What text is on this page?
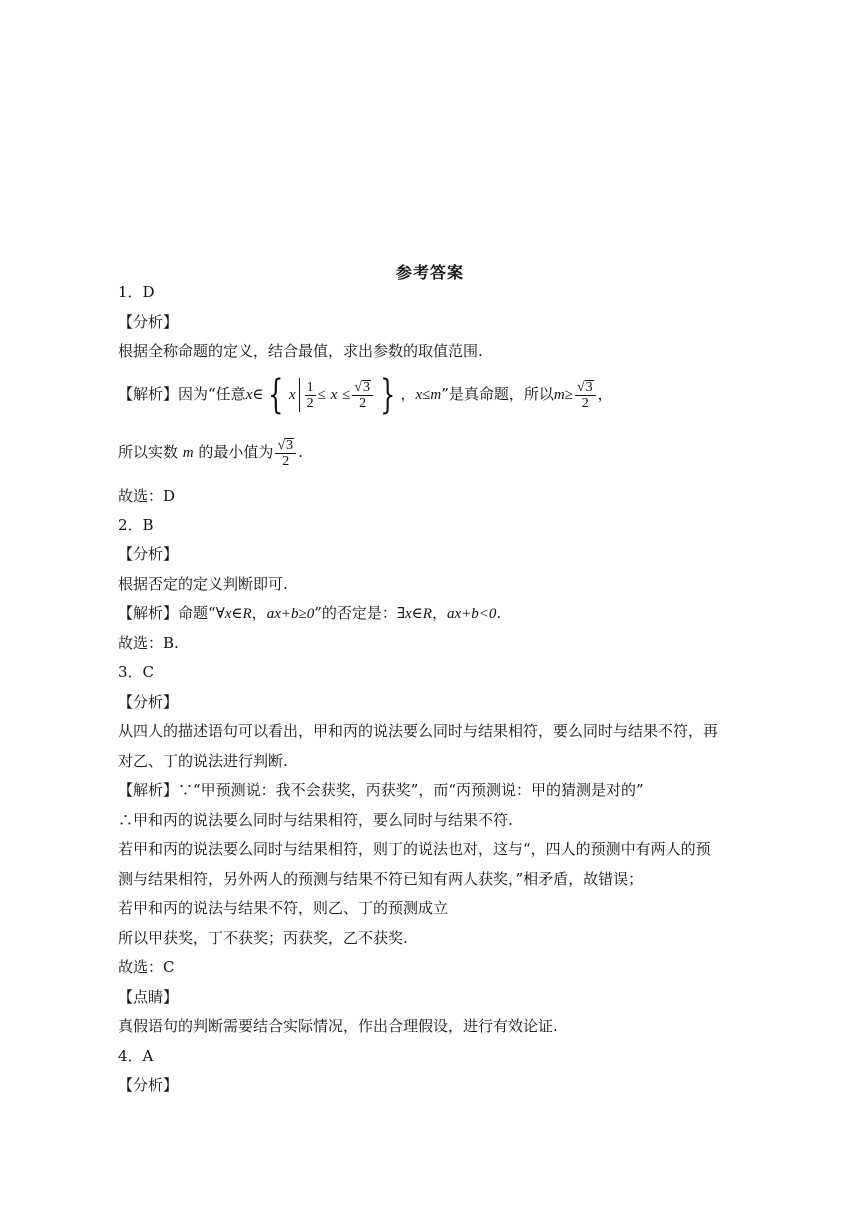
参考答案
1．D
【分析】
根据全称命题的定义，结合最值，求出参数的取值范围.
【解析】因为“任意x∈ { x $\frac{1}{2} \le x \le \frac{√3}{2}$ } ，x≤m”是真命题，所以$m\ge \frac{√3}{2}$ ，
所以实数 m 的最小值为 $\frac{√3}{2}$ .
故选：D
2．B
【分析】
根据否定的定义判断即可.
【解析】命题“∀x∈R，ax+b≥0”的否定是：∃x∈R，ax+b<0.
故选：B.
3．C
【分析】
从四人的描述语句可以看出，甲和丙的说法要么同时与结果相符，要么同时与结果不符，再
对乙、丁的说法进行判断.
【解析】∵“甲预测说：我不会获奖，丙获奖”，而“丙预测说：甲的猜测是对的”
∴甲和丙的说法要么同时与结果相符，要么同时与结果不符.
若甲和丙的说法要么同时与结果相符，则丁的说法也对，这与“，四人的预测中有两人的预
测与结果相符，另外两人的预测与结果不符已知有两人获奖，”相矛盾，故错误；
若甲和丙的说法与结果不符，则乙、丁的预测成立
所以甲获奖，丁不获奖；丙获奖，乙不获奖.
故选：C
【点睛】
真假语句的判断需要结合实际情况，作出合理假设，进行有效论证.
4．A
【分析】
